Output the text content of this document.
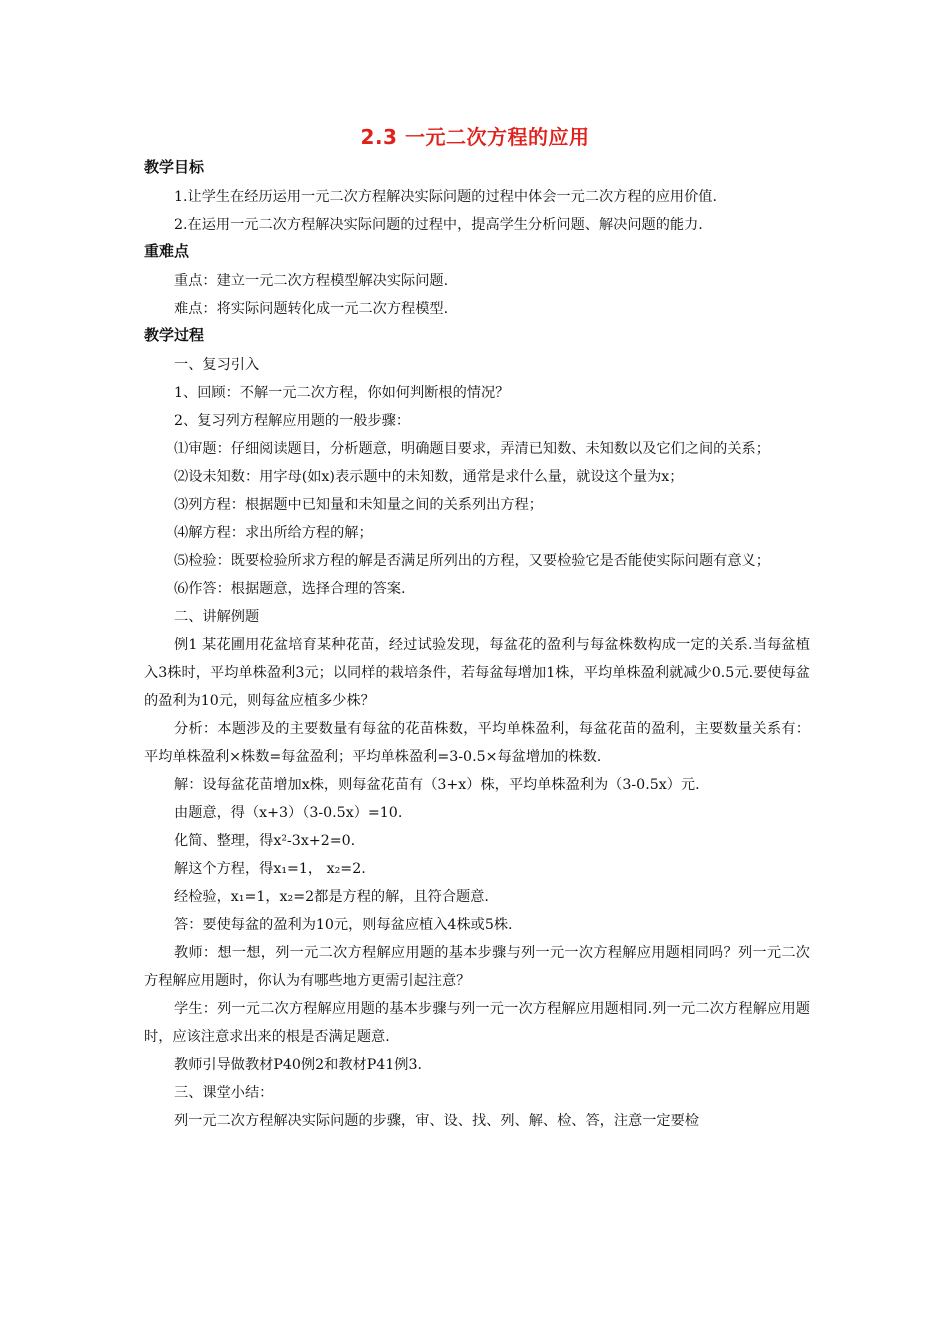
2.3 一元二次方程的应用
教学目标

1.让学生在经历运用一元二次方程解决实际问题的过程中体会一元二次方程的应用价值.

2.在运用一元二次方程解决实际问题的过程中，提高学生分析问题、解决问题的能力.

重难点

重点：建立一元二次方程模型解决实际问题.

难点：将实际问题转化成一元二次方程模型.

教学过程

一、复习引入

1、回顾：不解一元二次方程，你如何判断根的情况？

2、复习列方程解应用题的一般步骤：

⑴审题：仔细阅读题目，分析题意，明确题目要求，弄清已知数、未知数以及它们之间的关系；

⑵设未知数：用字母(如x)表示题中的未知数，通常是求什么量，就设这个量为x；

⑶列方程：根据题中已知量和未知量之间的关系列出方程；

⑷解方程：求出所给方程的解；

⑸检验：既要检验所求方程的解是否满足所列出的方程，又要检验它是否能使实际问题有意义；

⑹作答：根据题意，选择合理的答案.

二、讲解例题

例1 某花圃用花盆培育某种花苗，经过试验发现，每盆花的盈利与每盆株数构成一定的关系.当每盆植入3株时，平均单株盈利3元；以同样的栽培条件，若每盆每增加1株，平均单株盈利就减少0.5元.要使每盆的盈利为10元，则每盆应植多少株？

分析：本题涉及的主要数量有每盆的花苗株数，平均单株盈利，每盆花苗的盈利，主要数量关系有：平均单株盈利×株数=每盆盈利；平均单株盈利=3-0.5×每盆增加的株数.

解：设每盆花苗增加x株，则每盆花苗有（3+x）株，平均单株盈利为（3-0.5x）元.

由题意，得（x+3）（3-0.5x）=10.

化简、整理，得x²-3x+2=0.

解这个方程，得x₁=1， x₂=2.

经检验，x₁=1，x₂=2都是方程的解，且符合题意.

答：要使每盆的盈利为10元，则每盆应植入4株或5株.

教师：想一想，列一元二次方程解应用题的基本步骤与列一元一次方程解应用题相同吗？列一元二次方程解应用题时，你认为有哪些地方更需引起注意？

学生：列一元二次方程解应用题的基本步骤与列一元一次方程解应用题相同.列一元二次方程解应用题时，应该注意求出来的根是否满足题意.

教师引导做教材P40例2和教材P41例3.

三、课堂小结：

列一元二次方程解决实际问题的步骤，审、设、找、列、解、检、答，注意一定要检
